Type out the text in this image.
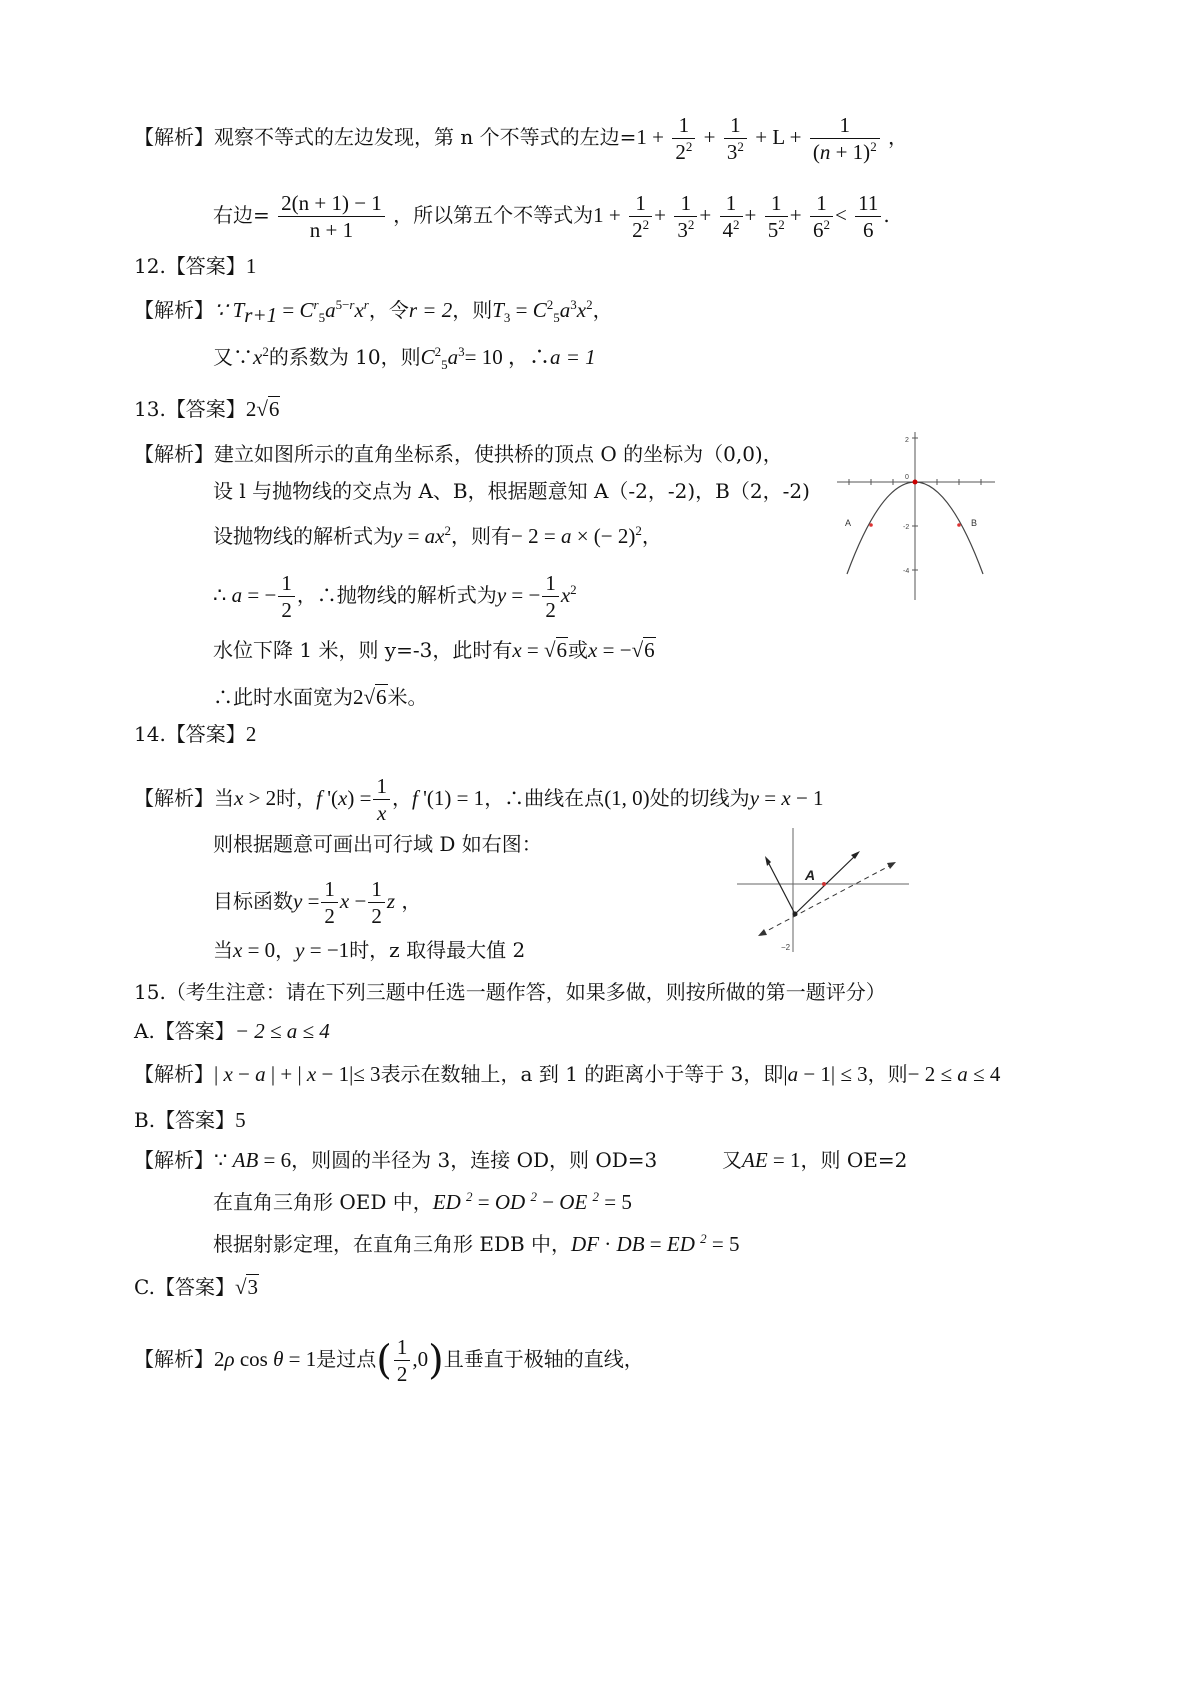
【解析】观察不等式的左边发现，第 n 个不等式的左边$=1 + \frac{1}{2^2} + \frac{1}{3^2} + L + \frac{1}{(n + 1)^2}$ ，
右边= $\frac{2(n + 1) - 1}{n + 1}$ ，所以第五个不等式为$1 + \frac{1}{2^2} + \frac{1}{3^2} + \frac{1}{4^2} + \frac{1}{5^2} + \frac{1}{6^2} < \frac{11}{6}$ .
12.【答案】1
【解析】∵ $T_{r+1} = C^r_5a^{5-r}x^r$，令r = 2，则$T_3 = C^2_5a^3x^2$，
又$\because x^2$的系数为 10，则$C^2_5a^3= 10$ ，∴a = 1
13.【答案】2√6
【解析】建立如图所示的直角坐标系，使拱桥的顶点 O 的坐标为（0,0)，
设 l 与抛物线的交点为 A、B，根据题意知 A（-2，-2)，B（2，-2)
设抛物线的解析式为$y = ax^2$，则有− 2 = a × (− 2)$^2$，
∴ a = − $\frac{1}{2}$ ，∴抛物线的解析式为y = − $\frac{1}{2} x^2$
水位下降 1 米，则 y=-3，此时有x = √6或x = −√6
∴此时水面宽为2√6米。
2
0
-2
-4
A	B
14.【答案】2
【解析】当x > 2时，f '$(x) = \frac{1}{x}$ ，f '(1) = 1，∴曲线在点(1, 0)处的切线为y = x − 1
则根据题意可画出可行域 D 如右图：
目标函数$y = \frac{1}{2}$ $x - \frac{1}{2}$ z ，
当x = 0，y = −1时，z 取得最大值 2
A
−2
15.（考生注意：请在下列三题中任选一题作答，如果多做，则按所做的第一题评分）
A.【答案】− 2 ≤ a ≤ 4
【解析】| x − a | + | x − 1|≤ 3表示在数轴上，a 到 1 的距离小于等于 3，即|a − 1| ≤ 3，则− 2 ≤ a ≤ 4
B.【答案】5
【解析】∵ AB = 6，则圆的半径为 3，连接 OD，则 OD=3	又AE = 1，则 OE=2
在直角三角形 OED 中，ED $^2$ = OD $^2$ − OE $^2$ = 5
根据射影定理，在直角三角形 EDB 中，DF · DB = ED $^2$ = 5
C.【答案】√3
【解析】2ρ cos θ = 1是过点( $\frac{1}{2} ,0$)且垂直于极轴的直线，
